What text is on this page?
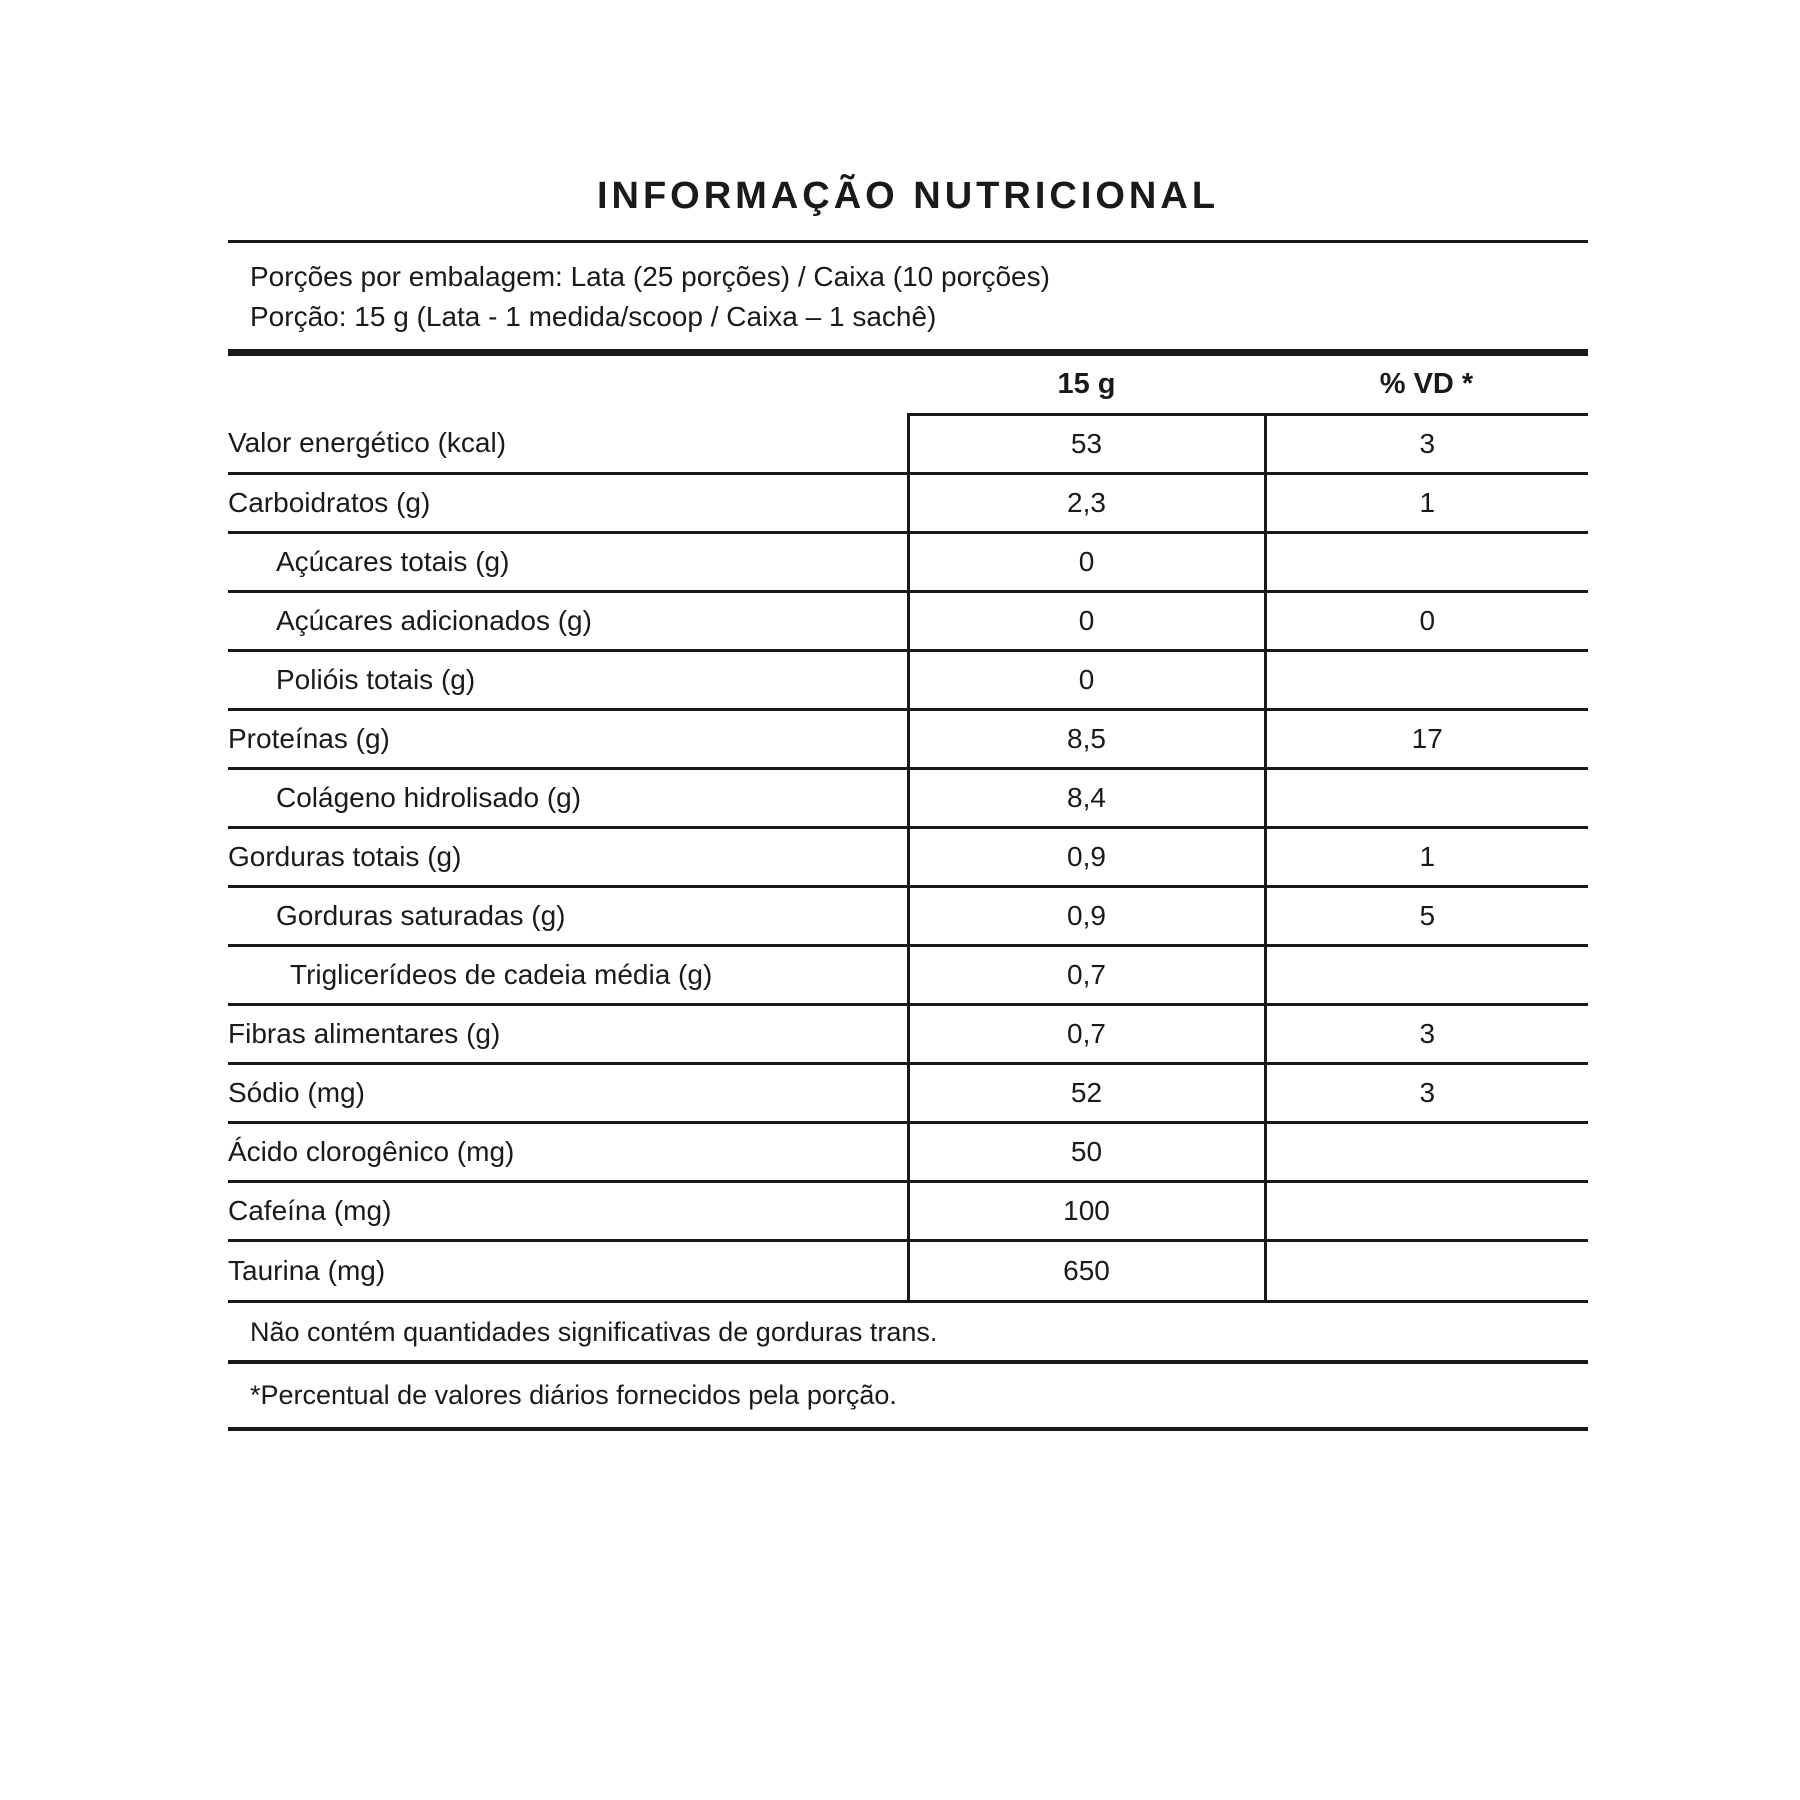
INFORMAÇÃO NUTRICIONAL
Porções por embalagem: Lata (25 porções) / Caixa (10 porções)
Porção: 15 g (Lata - 1 medida/scoop / Caixa – 1 sachê)
	15 g	% VD *
Valor energético (kcal)	53	3
Carboidratos (g)	2,3	1
Açúcares totais (g)	0	
Açúcares adicionados (g)	0	0
Polióis totais (g)	0	
Proteínas (g)	8,5	17
Colágeno hidrolisado (g)	8,4	
Gorduras totais (g)	0,9	1
Gorduras saturadas (g)	0,9	5
Triglicerídeos de cadeia média (g)	0,7	
Fibras alimentares (g)	0,7	3
Sódio (mg)	52	3
Ácido clorogênico (mg)	50	
Cafeína (mg)	100	
Taurina (mg)	650	
Não contém quantidades significativas de gorduras trans.
*Percentual de valores diários fornecidos pela porção.
